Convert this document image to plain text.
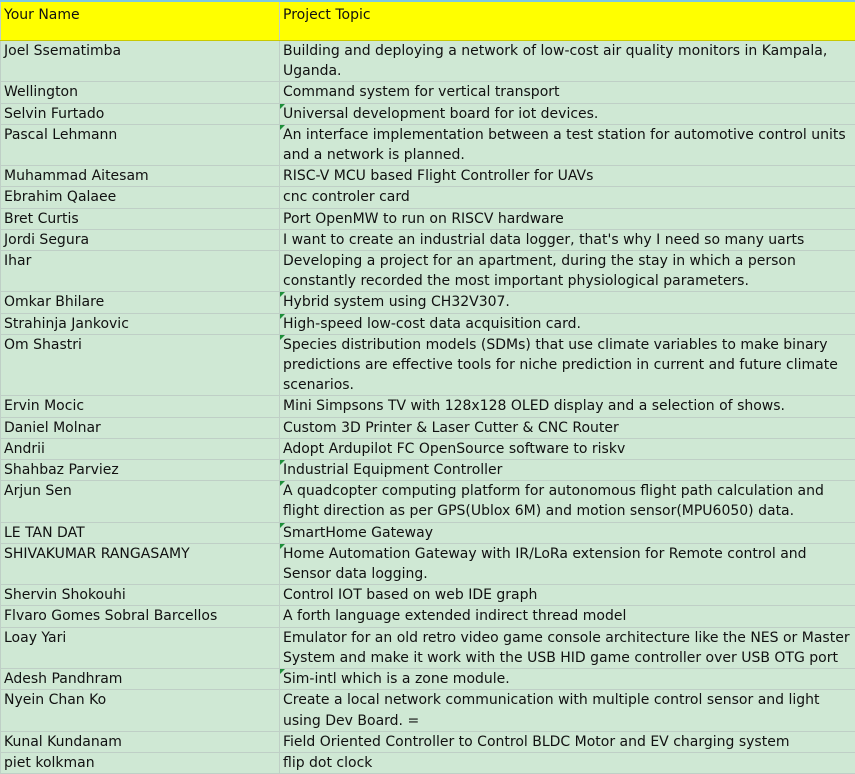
Your Name	Project Topic
Joel Ssematimba	Building and deploying a network of low-cost air quality monitors in Kampala, Uganda.
Wellington	Command system for vertical transport
Selvin Furtado	Universal development board for iot devices.
Pascal Lehmann	An interface implementation between a test station for automotive control units and a network is planned.
Muhammad Aitesam	RISC-V MCU based Flight Controller for UAVs
Ebrahim Qalaee	cnc controler card
Bret Curtis	Port OpenMW to run on RISCV hardware
Jordi Segura	I want to create an industrial data logger, that's why I need so many uarts
Ihar	Developing a project for an apartment, during the stay in which a person constantly recorded the most important physiological parameters.
Omkar Bhilare	Hybrid system using CH32V307.
Strahinja Jankovic	High-speed low-cost data acquisition card.
Om Shastri	Species distribution models (SDMs) that use climate variables to make binary predictions are effective tools for niche prediction in current and future climate scenarios.
Ervin Mocic	Mini Simpsons TV with 128x128 OLED display and a selection of shows.
Daniel Molnar	Custom 3D Printer & Laser Cutter & CNC Router
Andrii	Adopt Ardupilot FC OpenSource software to riskv
Shahbaz Parviez	Industrial Equipment Controller
Arjun Sen	A quadcopter computing platform for autonomous flight path calculation and flight direction as per GPS(Ublox 6M) and motion sensor(MPU6050) data.
LE TAN DAT	SmartHome Gateway
SHIVAKUMAR RANGASAMY	Home Automation Gateway with IR/LoRa extension for Remote control and Sensor data logging.
Shervin Shokouhi	Control IOT based on web IDE graph
Flvaro Gomes Sobral Barcellos	A forth language extended indirect thread model
Loay Yari	Emulator for an old retro video game console architecture like the NES or Master System and make it work with the USB HID game controller over USB OTG port
Adesh Pandhram	Sim-intl which is a zone module.
Nyein Chan Ko	Create a local network communication with multiple control sensor and light using Dev Board. =
Kunal Kundanam	Field Oriented Controller to Control BLDC Motor and EV charging system
piet kolkman	flip dot clock
